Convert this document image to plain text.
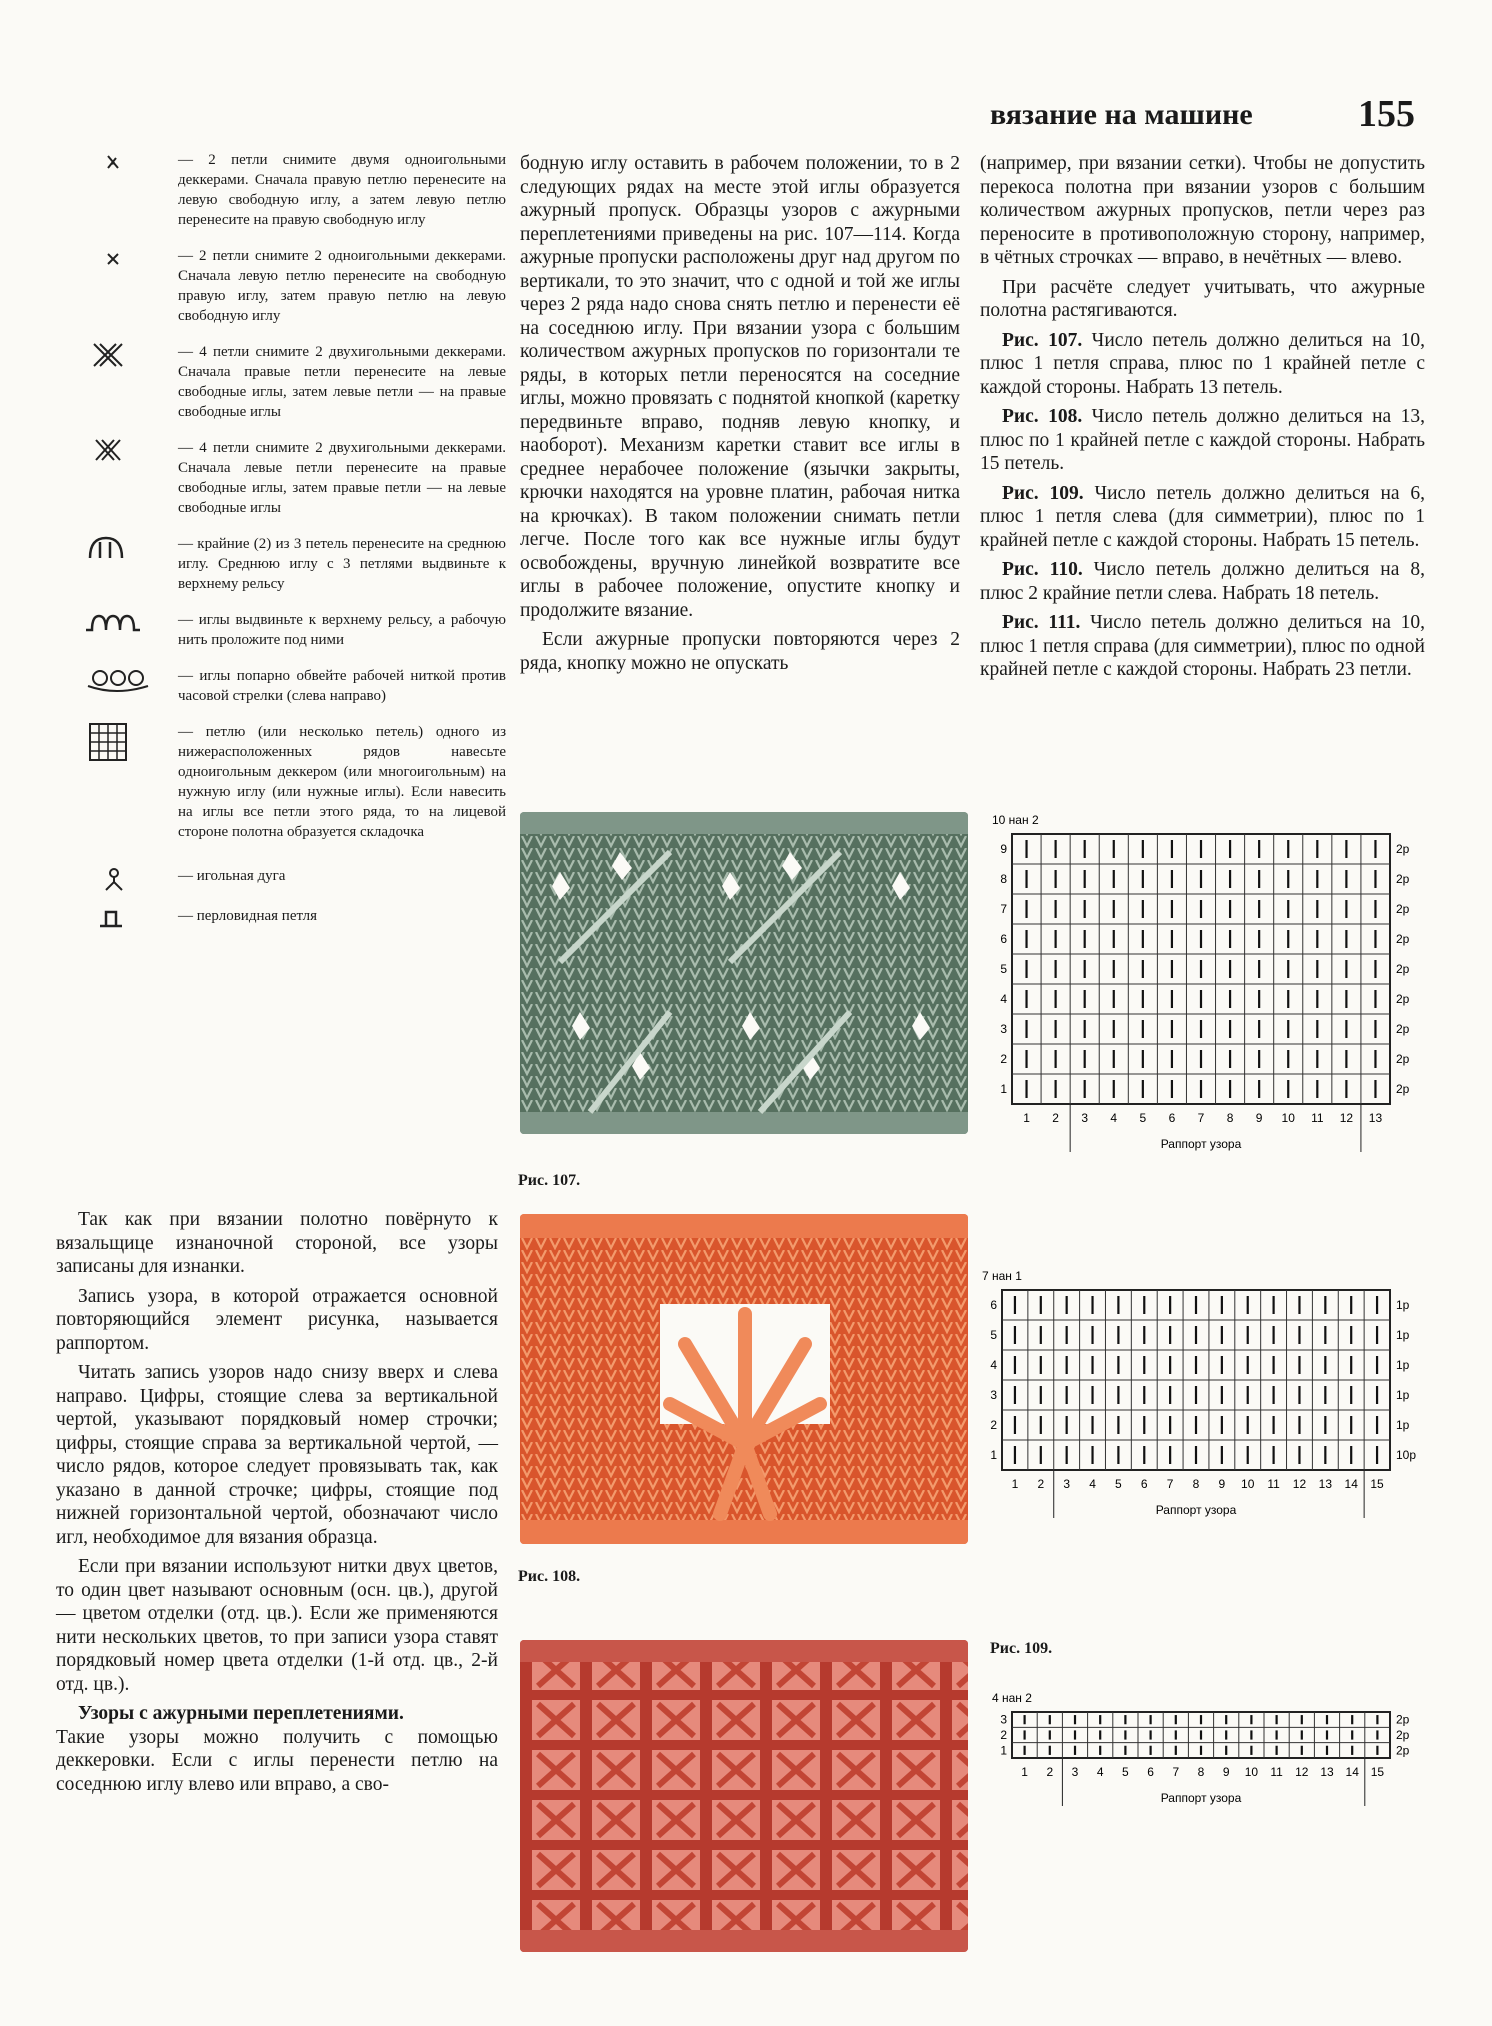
вязание на машине	155
— 2 петли снимите двумя одноигольными деккерами. Сначала правую петлю перенесите на левую свободную иглу, а затем левую петлю перенесите на правую свободную иглу
— 2 петли снимите 2 одноигольными деккерами. Сначала левую петлю перенесите на свободную правую иглу, затем правую петлю на левую свободную иглу
— 4 петли снимите 2 двухигольными деккерами. Сначала правые петли перенесите на левые свободные иглы, затем левые петли — на правые свободные иглы
— 4 петли снимите 2 двухигольными деккерами. Сначала левые петли перенесите на правые свободные иглы, затем правые петли — на левые свободные иглы
— крайние (2) из 3 петель перенесите на среднюю иглу. Среднюю иглу с 3 петлями выдвиньте к верхнему рельсу
— иглы выдвиньте к верхнему рельсу, а рабочую нить проложите под ними
— иглы попарно обвейте рабочей ниткой против часовой стрелки (слева направо)
— петлю (или несколько петель) одного из нижерасположенных рядов навесьте одноигольным деккером (или многоигольным) на нужную иглу (или нужные иглы). Если навесить на иглы все петли этого ряда, то на лицевой стороне полотна образуется складочка
— игольная дуга
— перловидная петля

Так как при вязании полотно повёрнуто к вязальщице изнаночной стороной, все узоры записаны для изнанки.

Запись узора, в которой отражается основной повторяющийся элемент рисунка, называется раппортом.

Читать запись узоров надо снизу вверх и слева направо. Цифры, стоящие слева за вертикальной чертой, указывают порядковый номер строчки; цифры, стоящие справа за вертикальной чертой, — число рядов, которое следует провязывать так, как указано в данной строчке; цифры, стоящие под нижней горизонтальной чертой, обозначают число игл, необходимое для вязания образца.

Если при вязании используют нитки двух цветов, то один цвет называют основным (осн. цв.), другой — цветом отделки (отд. цв.). Если же применяются нити нескольких цветов, то при записи узора ставят порядковый номер цвета отделки (1-й отд. цв., 2-й отд. цв.).

Узоры с ажурными переплетениями.

Такие узоры можно получить с помощью деккеровки. Если с иглы перенести петлю на соседнюю иглу влево или вправо, а сво-

бодную иглу оставить в рабочем положении, то в 2 следующих рядах на месте этой иглы образуется ажурный пропуск. Образцы узоров с ажурными переплетениями приведены на рис. 107—114. Когда ажурные пропуски расположены друг над другом по вертикали, то это значит, что с одной и той же иглы через 2 ряда надо снова снять петлю и перенести её на соседнюю иглу. При вязании узора с большим количеством ажурных пропусков по горизонтали те ряды, в которых петли переносятся на соседние иглы, можно провязать с поднятой кнопкой (каретку передвиньте вправо, подняв левую кнопку, и наоборот). Механизм каретки ставит все иглы в среднее нерабочее положение (язычки закрыты, крючки находятся на уровне платин, рабочая нитка на крючках). В таком положении снимать петли легче. После того как все нужные иглы будут освобождены, вручную линейкой возвратите все иглы в рабочее положение, опустите кнопку и продолжите вязание.

Если ажурные пропуски повторяются через 2 ряда, кнопку можно не опускать

(например, при вязании сетки). Чтобы не допустить перекоса полотна при вязании узоров с большим количеством ажурных пропусков, петли через раз переносите в противоположную сторону, например, в чётных строчках — вправо, в нечётных — влево.

При расчёте следует учитывать, что ажурные полотна растягиваются.

Рис. 107. Число петель должно делиться на 10, плюс 1 петля справа, плюс по 1 крайней петле с каждой стороны. Набрать 13 петель.

Рис. 108. Число петель должно делиться на 13, плюс по 1 крайней петле с каждой стороны. Набрать 15 петель.

Рис. 109. Число петель должно делиться на 6, плюс 1 петля слева (для симметрии), плюс по 1 крайней петле с каждой стороны. Набрать 15 петель.

Рис. 110. Число петель должно делиться на 8, плюс 2 крайние петли слева. Набрать 18 петель.

Рис. 111. Число петель должно делиться на 10, плюс 1 петля справа (для симметрии), плюс по одной крайней петле с каждой стороны. Набрать 23 петли.

Рис. 107.
Рис. 108.
10 нан 2
1 2 3 4 5 6 7 8 9 10 11 12 13
9	2р
8	2р
7	2р
6	2р
5	2р
4	2р
3	2р
2	2р
1	2р
Раппорт узора
7 нан 1
1 2 3 4 5 6 7 8 9 10 11 12 13 14 15
6	1р
5	1р
4	1р
3	1р
2	1р
1	10р
Раппорт узора
Рис. 109.
4 нан 2
1 2 3 4 5 6 7 8 9 10 11 12 13 14 15
3	2р
2	2р
1	2р
Раппорт узора
